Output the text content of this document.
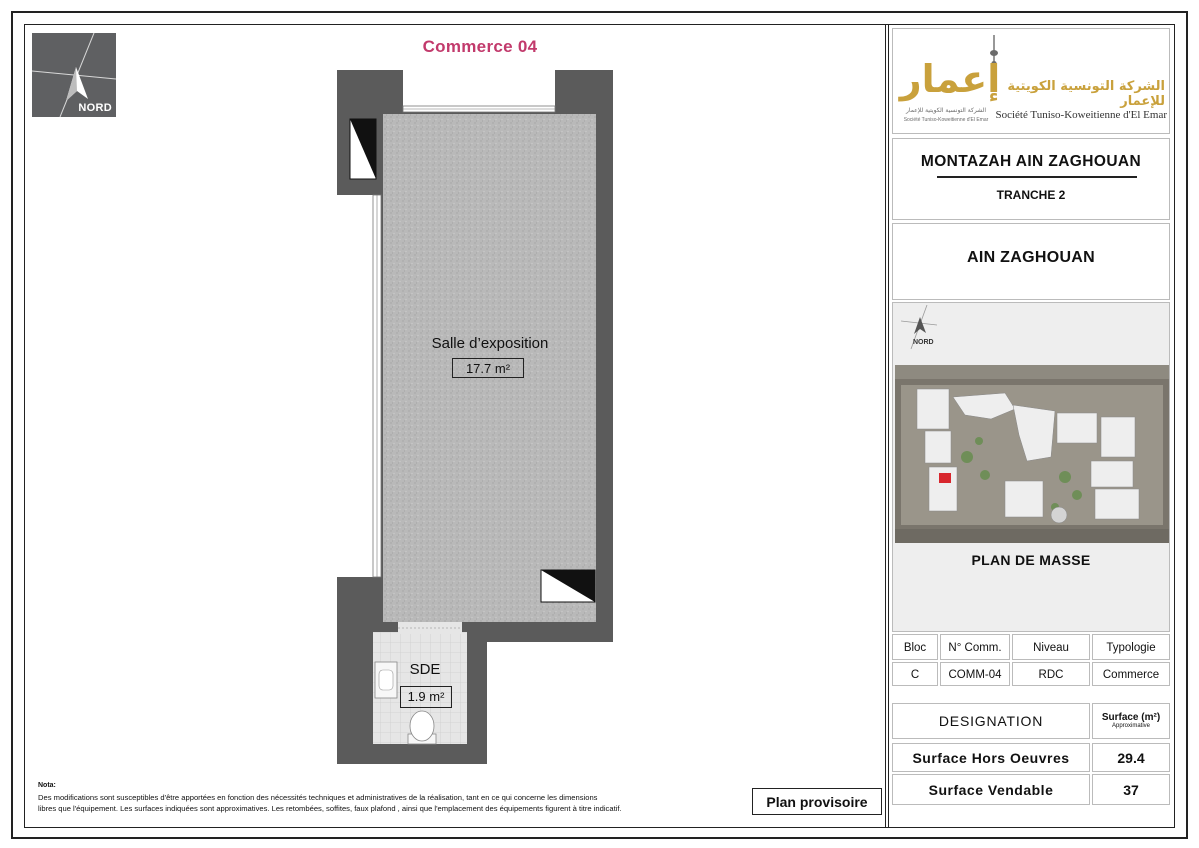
NORD
Commerce 04
Salle d’exposition
17.7 m²
SDE
1.9 m²
Nota:
Des modifications sont susceptibles d'être apportées en fonction des nécessités techniques et administratives de la réalisation, tant en ce qui concerne les dimensions
libres que l'équipement. Les surfaces indiquées sont approximatives. Les retombées, soffites, faux plafond , ainsi que l'emplacement des équipements figurent à titre indicatif.	Plan provisoire
إعمار الشركة التونسية الكويتية للإعمار
الشركة التونسية الكويتية للإعمار
Société Tuniso-Koweitienne d'El Emar Société Tuniso-Koweitienne d'El Emar
MONTAZAH AIN ZAGHOUAN
TRANCHE 2
AIN ZAGHOUAN
NORD
PLAN DE MASSE
Bloc	N° Comm.	Niveau	Typologie
C	COMM-04	RDC	Commerce
DESIGNATION	Surface (m²)
Approximative
Surface Hors Oeuvres	29.4
Surface Vendable	37
